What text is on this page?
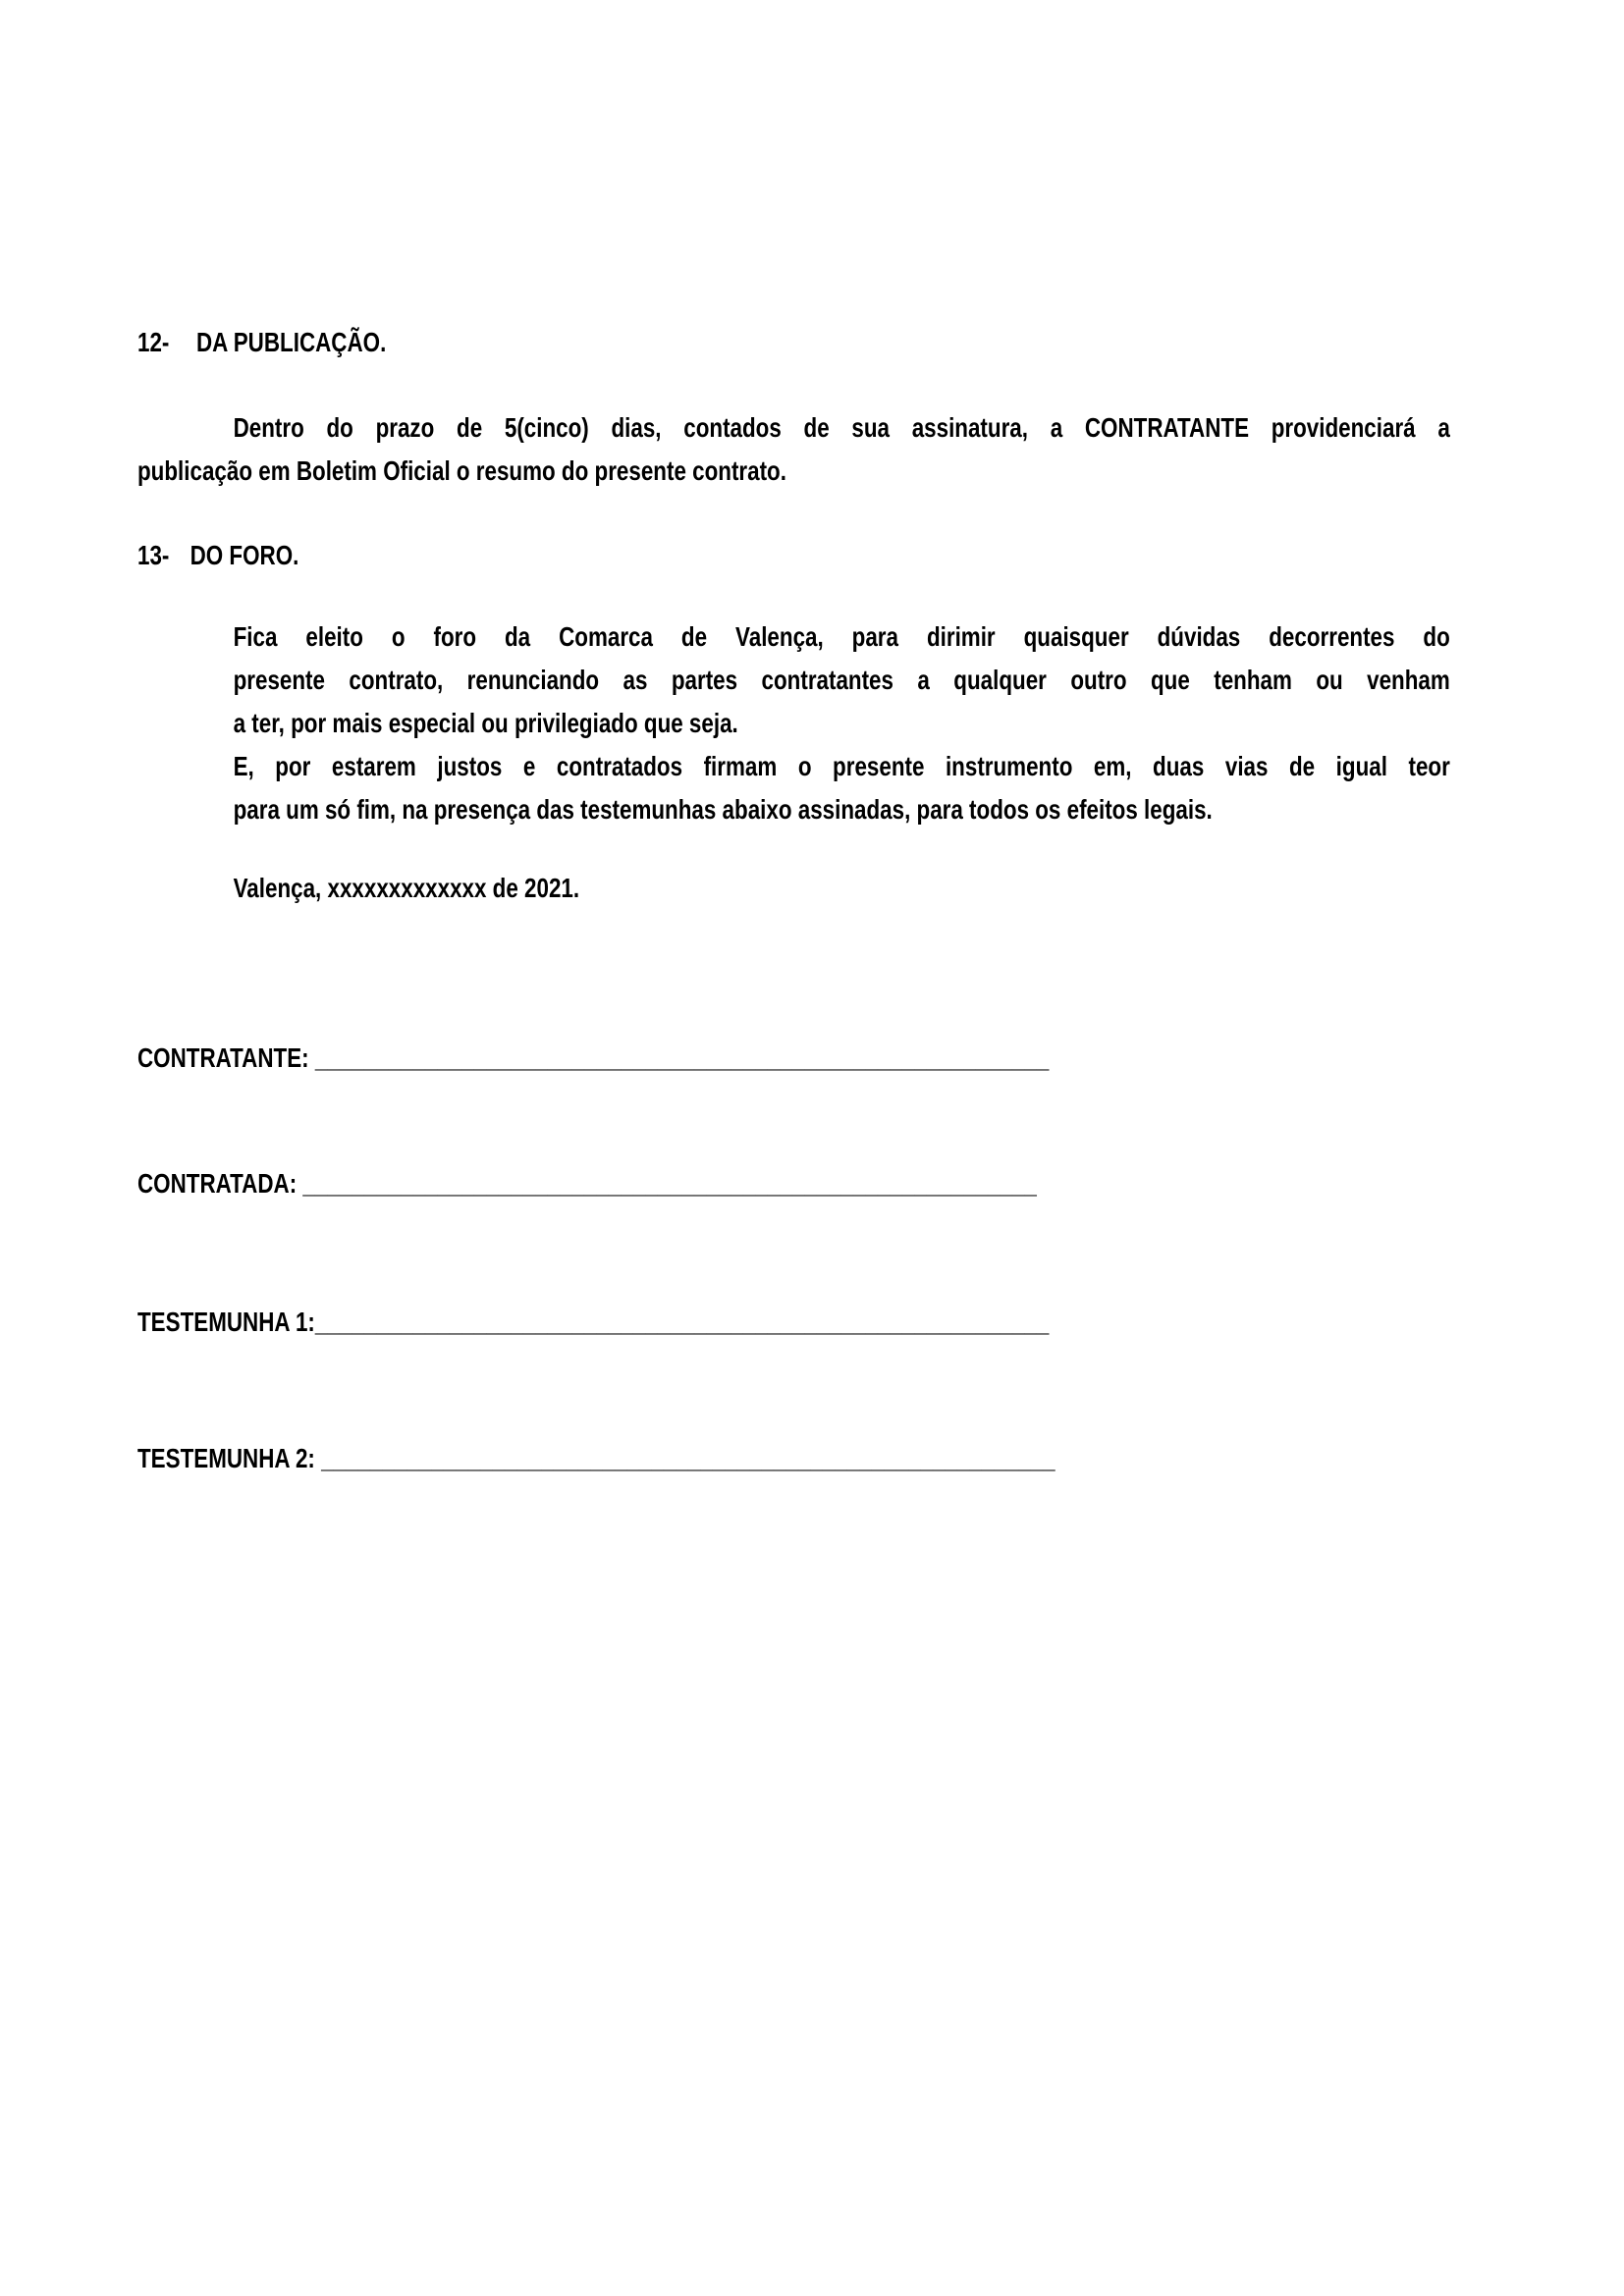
12- DA PUBLICAÇÃO.
Dentro do prazo de 5(cinco) dias, contados de sua assinatura, a CONTRATANTE providenciará a
publicação em Boletim Oficial o resumo do presente contrato.
13- DO FORO.
Fica eleito o foro da Comarca de Valença, para dirimir quaisquer dúvidas decorrentes do
presente contrato, renunciando as partes contratantes a qualquer outro que tenham ou venham
a ter, por mais especial ou privilegiado que seja.
E, por estarem justos e contratados firmam o presente instrumento em, duas vias de igual teor
para um só fim, na presença das testemunhas abaixo assinadas, para todos os efeitos legais.
Valença, xxxxxxxxxxxxx de 2021.
CONTRATANTE: ____________________________________________________________
CONTRATADA: ____________________________________________________________
TESTEMUNHA 1:____________________________________________________________
TESTEMUNHA 2: ____________________________________________________________
